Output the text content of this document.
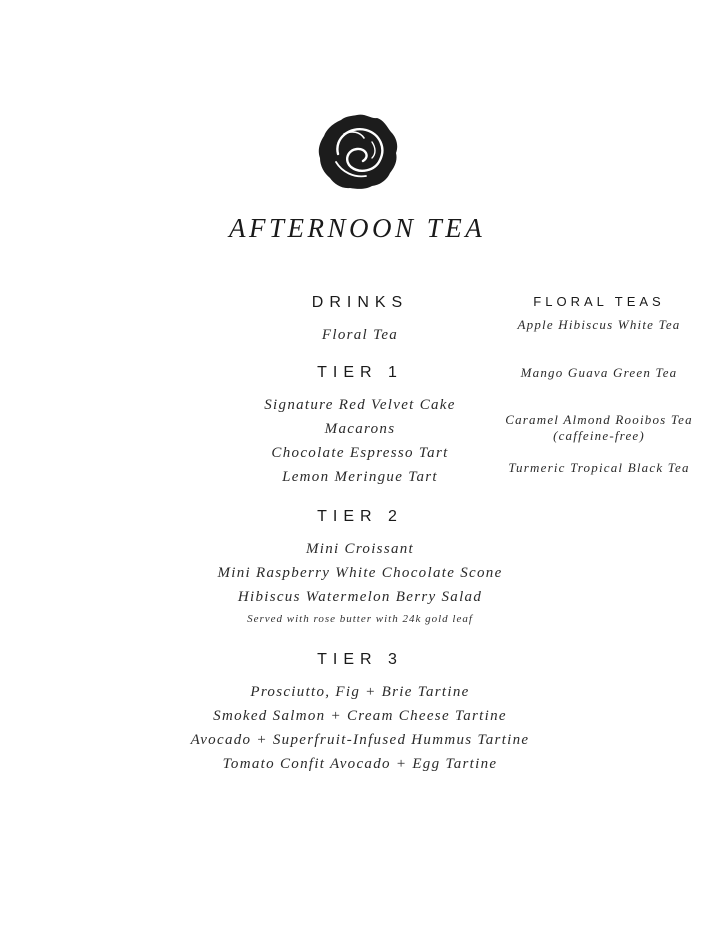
AFTERNOON TEA
DRINKS
Floral Tea
TIER 1
Signature Red Velvet Cake
Macarons
Chocolate Espresso Tart
Lemon Meringue Tart
TIER 2
Mini Croissant
Mini Raspberry White Chocolate Scone
Hibiscus Watermelon Berry Salad
Served with rose butter with 24k gold leaf
TIER 3
Prosciutto, Fig + Brie Tartine
Smoked Salmon + Cream Cheese Tartine
Avocado + Superfruit-Infused Hummus Tartine
Tomato Confit Avocado + Egg Tartine
FLORAL TEAS
Apple Hibiscus White Tea
Mango Guava Green Tea
Caramel Almond Rooibos Tea (caffeine-free)
Turmeric Tropical Black Tea
